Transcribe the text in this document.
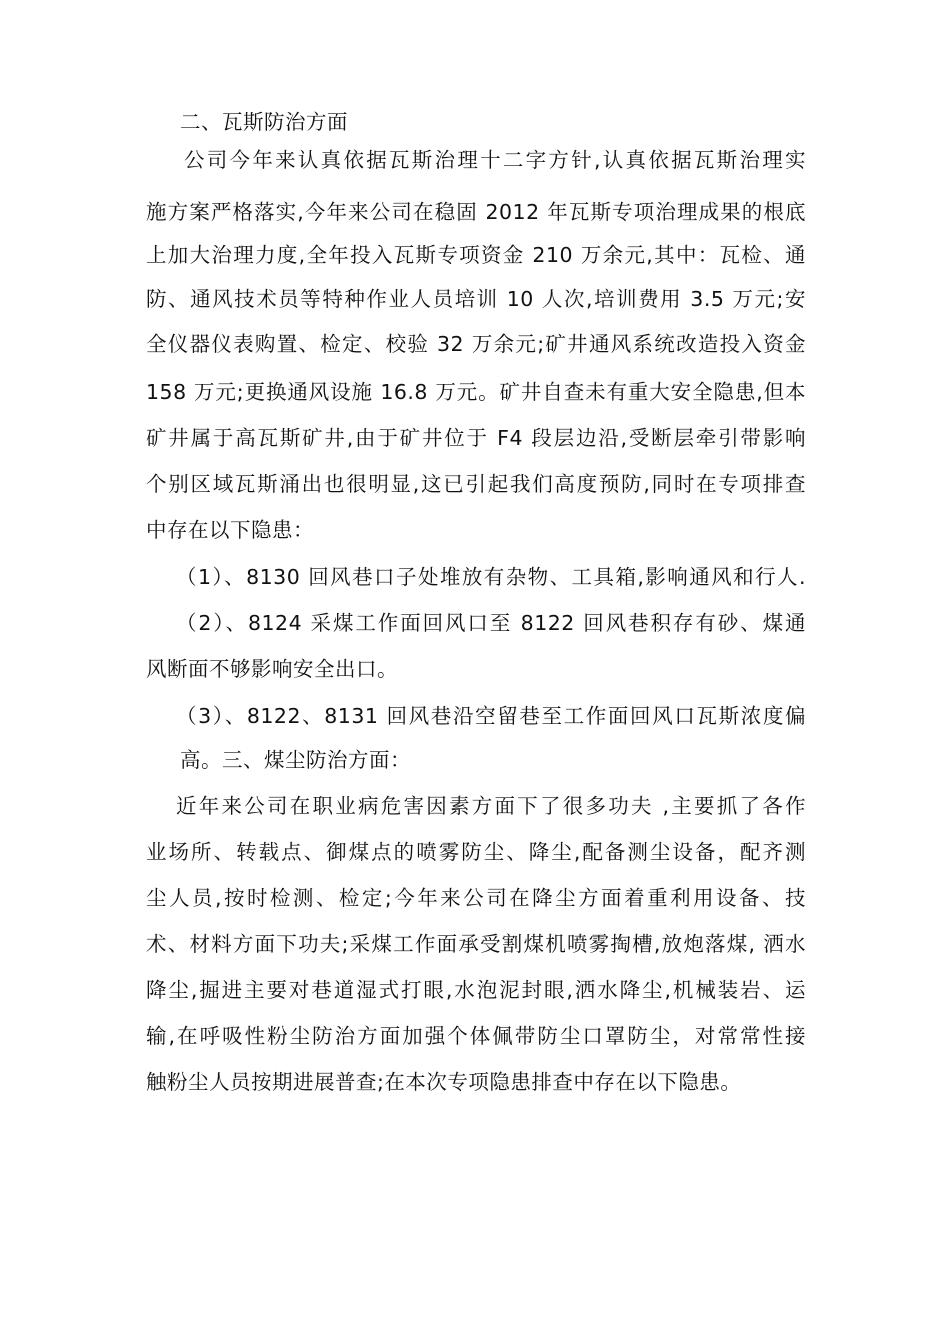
二、瓦斯防治方面
公司今年来认真依据瓦斯治理十二字方针,认真依据瓦斯治理实
施方案严格落实,今年来公司在稳固 2012 年瓦斯专项治理成果的根底
上加大治理力度,全年投入瓦斯专项资金 210 万余元,其中：瓦检、通
防、通风技术员等特种作业人员培训 10 人次,培训费用 3.5 万元;安
全仪器仪表购置、检定、校验 32 万余元;矿井通风系统改造投入资金
158 万元;更换通风设施 16.8 万元。矿井自查未有重大安全隐患,但本
矿井属于高瓦斯矿井,由于矿井位于 F4 段层边沿,受断层牵引带影响
个别区域瓦斯涌出也很明显,这已引起我们高度预防,同时在专项排查
中存在以下隐患：
（1）、8130 回风巷口子处堆放有杂物、工具箱,影响通风和行人.
（2）、8124 采煤工作面回风口至 8122 回风巷积存有砂、煤通
风断面不够影响安全出口。
（3）、8122、8131 回风巷沿空留巷至工作面回风口瓦斯浓度偏
高。三、煤尘防治方面：
近年来公司在职业病危害因素方面下了很多功夫 ,主要抓了各作
业场所、转载点、御煤点的喷雾防尘、降尘,配备测尘设备，配齐测
尘人员,按时检测、检定;今年来公司在降尘方面着重利用设备、技
术、材料方面下功夫;采煤工作面承受割煤机喷雾掏槽,放炮落煤, 洒水
降尘,掘进主要对巷道湿式打眼,水泡泥封眼,洒水降尘,机械装岩、运
输,在呼吸性粉尘防治方面加强个体佩带防尘口罩防尘，对常常性接
触粉尘人员按期进展普查;在本次专项隐患排查中存在以下隐患。
